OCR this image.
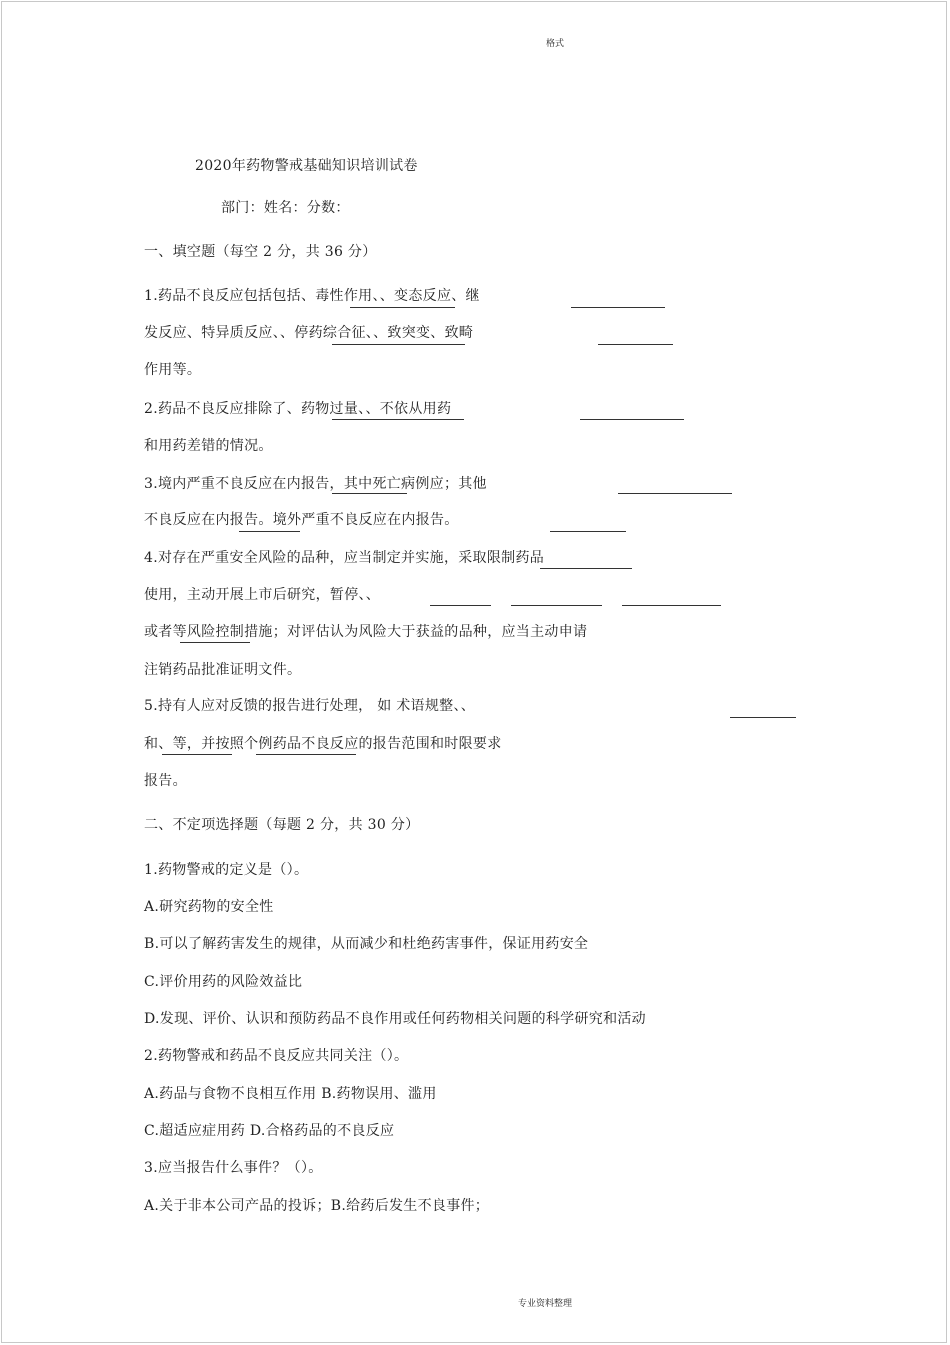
格式
2020年药物警戒基础知识培训试卷
部门：姓名：分数：
一、填空题（每空 2 分，共 36 分）
1.药品不良反应包括包括、毒性作用、、变态反应、继
发反应、特异质反应、、停药综合征、、致突变、致畸
作用等。
2.药品不良反应排除了、药物过量、、不依从用药
和用药差错的情况。
3.境内严重不良反应在内报告，其中死亡病例应；其他
不良反应在内报告。境外严重不良反应在内报告。
4.对存在严重安全风险的品种，应当制定并实施，采取限制药品
使用，主动开展上市后研究，暂停、、
或者等风险控制措施；对评估认为风险大于获益的品种，应当主动申请
注销药品批准证明文件。
5.持有人应对反馈的报告进行处理， 如 术语规整、、
和、等，并按照个例药品不良反应的报告范围和时限要求
报告。
二、不定项选择题（每题 2 分，共 30 分）
1.药物警戒的定义是（）。
A.研究药物的安全性
B.可以了解药害发生的规律，从而减少和杜绝药害事件，保证用药安全
C.评价用药的风险效益比
D.发现、评价、认识和预防药品不良作用或任何药物相关问题的科学研究和活动
2.药物警戒和药品不良反应共同关注（）。
A.药品与食物不良相互作用 B.药物误用、滥用
C.超适应症用药 D.合格药品的不良反应
3.应当报告什么事件？（）。
A.关于非本公司产品的投诉；B.给药后发生不良事件；
专业资料整理
